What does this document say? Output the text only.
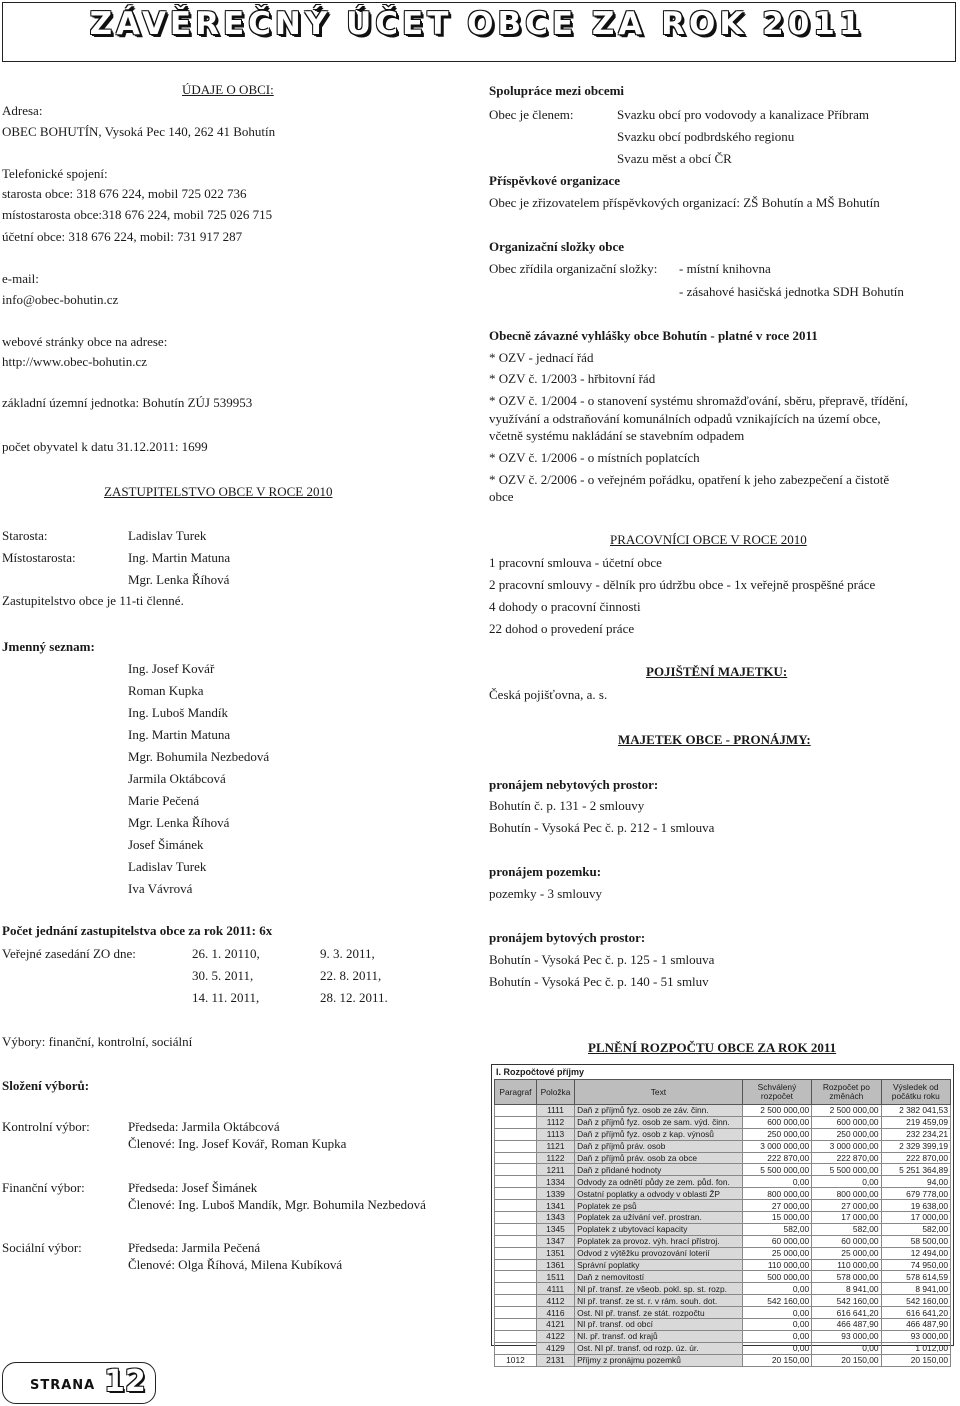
ZÁVĚREČNÝ ÚČET OBCE ZA ROK 2011
ÚDAJE O OBCI:
Adresa:
OBEC BOHUTÍN, Vysoká Pec 140, 262 41 Bohutín
Telefonické spojení:
starosta obce: 318 676 224, mobil 725 022 736
místostarosta obce:318 676 224, mobil 725 026 715
účetní obce: 318 676 224, mobil: 731 917 287
e-mail:
info@obec-bohutin.cz
webové stránky obce na adrese:
http://www.obec-bohutin.cz
základní územní jednotka: Bohutín ZÚJ 539953
počet obyvatel k datu 31.12.2011: 1699
ZASTUPITELSTVO OBCE V ROCE 2010
Starosta:	Ladislav Turek
Místostarosta:	Ing. Martin Matuna
Mgr. Lenka Říhová
Zastupitelstvo obce je 11-ti členné.
Jmenný seznam:
Ing. Josef Kovář
Roman Kupka
Ing. Luboš Mandík
Ing. Martin Matuna
Mgr. Bohumila Nezbedová
Jarmila Oktábcová
Marie Pečená
Mgr. Lenka Říhová
Josef Šimánek
Ladislav Turek
Iva Vávrová
Počet jednání zastupitelstva obce za rok 2011: 6x
Veřejné zasedání ZO dne:	26. 1. 20110,	9. 3. 2011,
30. 5. 2011,	22. 8. 2011,
14. 11. 2011,	28. 12. 2011.
Výbory: finanční, kontrolní, sociální
Složení výborů:
Kontrolní výbor:	Předseda: Jarmila Oktábcová
Členové: Ing. Josef Kovář, Roman Kupka
Finanční výbor:	Předseda: Josef Šimánek
Členové: Ing. Luboš Mandík, Mgr. Bohumila Nezbedová
Sociální výbor:	Předseda: Jarmila Pečená
Členové: Olga Říhová, Milena Kubíková
Spolupráce mezi obcemi
Obec je členem:	Svazku obcí pro vodovody a kanalizace Příbram
Svazku obcí podbrdského regionu
Svazu měst a obcí ČR
Příspěvkové organizace
Obec je zřizovatelem příspěvkových organizací: ZŠ Bohutín a MŠ Bohutín
Organizační složky obce
Obec zřídila organizační složky: - místní knihovna
- zásahové hasičská jednotka SDH Bohutín
Obecně závazné vyhlášky obce Bohutín - platné v roce 2011
* OZV - jednací řád
* OZV č. 1/2003 - hřbitovní řád
* OZV č. 1/2004 - o stanovení systému shromažďování, sběru, přepravě, třídění,
využívání a odstraňování komunálních odpadů vznikajících na území obce,
včetně systému nakládání se stavebním odpadem
* OZV č. 1/2006 - o místních poplatcích
* OZV č. 2/2006 - o veřejném pořádku, opatření k jeho zabezpečení a čistotě
obce
PRACOVNÍCI OBCE V ROCE 2010
1 pracovní smlouva - účetní obce
2 pracovní smlouvy - dělník pro údržbu obce - 1x veřejně prospěšné práce
4 dohody o pracovní činnosti
22 dohod o provedení práce
POJIŠTĚNÍ MAJETKU:
Česká pojišťovna, a. s.
MAJETEK OBCE - PRONÁJMY:
pronájem nebytových prostor:
Bohutín č. p. 131 - 2 smlouvy
Bohutín - Vysoká Pec č. p. 212 - 1 smlouva
pronájem pozemku:
pozemky - 3 smlouvy
pronájem bytových prostor:
Bohutín - Vysoká Pec č. p. 125 - 1 smlouva
Bohutín - Vysoká Pec č. p. 140 - 51 smluv
PLNĚNÍ ROZPOČTU OBCE ZA ROK 2011
I. Rozpočtové příjmy
Paragraf	Položka	Text	Schválený rozpočet	Rozpočet po změnách	Výsledek od počátku roku
	1111	Daň z příjmů fyz. osob ze záv. činn.	2 500 000,00	2 500 000,00	2 382 041,53
	1112	Daň z příjmů fyz. osob ze sam. výd. činn.	600 000,00	600 000,00	219 459,09
	1113	Daň z příjmů fyz. osob z kap. výnosů	250 000,00	250 000,00	232 234,21
	1121	Daň z příjmů práv. osob	3 000 000,00	3 000 000,00	2 329 399,19
	1122	Daň z příjmů práv. osob za obce	222 870,00	222 870,00	222 870,00
	1211	Daň z přidané hodnoty	5 500 000,00	5 500 000,00	5 251 364,89
	1334	Odvody za odnětí půdy ze zem. půd. fon.	0,00	0,00	94,00
	1339	Ostatní poplatky a odvody v oblasti ŽP	800 000,00	800 000,00	679 778,00
	1341	Poplatek ze psů	27 000,00	27 000,00	19 638,00
	1343	Poplatek za užívání veř. prostran.	15 000,00	17 000,00	17 000,00
	1345	Poplatek z ubytovací kapacity	582,00	582,00	582,00
	1347	Poplatek za provoz. výh. hrací přístroj.	60 000,00	60 000,00	58 500,00
	1351	Odvod z výtěžku provozování loterií	25 000,00	25 000,00	12 494,00
	1361	Správní poplatky	110 000,00	110 000,00	74 950,00
	1511	Daň z nemovitostí	500 000,00	578 000,00	578 614,59
	4111	NI př. transf. ze všeob. pokl. sp. st. rozp.	0,00	8 941,00	8 941,00
	4112	NI př. transf. ze st. r. v rám. souh. dot.	542 160,00	542 160,00	542 160,00
	4116	Ost. NI př. transf. ze stát. rozpočtu	0,00	616 641,20	616 641,20
	4121	NI př. transf. od obcí	0,00	466 487,90	466 487,90
	4122	NI. př. transf. od krajů	0,00	93 000,00	93 000,00
	4129	Ost. NI př. transf. od rozp. úz. úr.	0,00	0,00	1 012,00
1012	2131	Příjmy z pronájmu pozemků	20 150,00	20 150,00	20 150,00
STRANA 12
